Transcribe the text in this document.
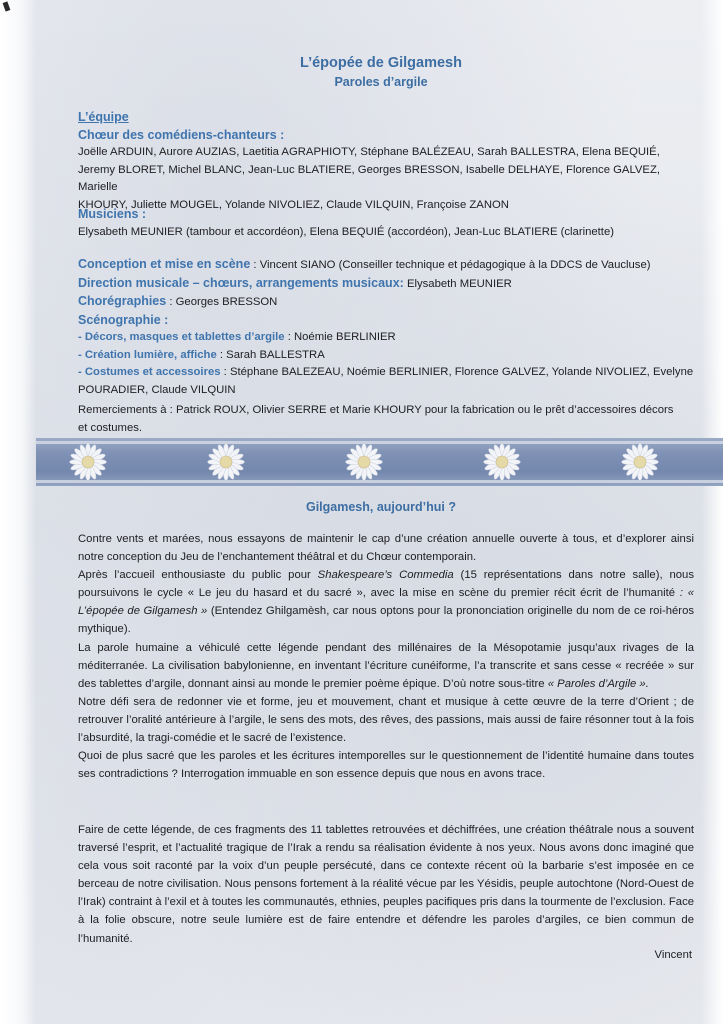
L’épopée de Gilgamesh
Paroles d’argile
L’équipe
Chœur des comédiens-chanteurs :
Joëlle ARDUIN, Aurore AUZIAS, Laetitia AGRAPHIOTY, Stéphane BALÉZEAU, Sarah BALLESTRA, Elena BEQUIÉ,
Jeremy BLORET, Michel BLANC, Jean-Luc BLATIERE, Georges BRESSON, Isabelle DELHAYE, Florence GALVEZ, Marielle
KHOURY, Juliette MOUGEL, Yolande NIVOLIEZ, Claude VILQUIN, Françoise ZANON
Musiciens :
Elysabeth MEUNIER (tambour et accordéon), Elena BEQUIÉ (accordéon), Jean-Luc BLATIERE (clarinette)
Conception et mise en scène : Vincent SIANO (Conseiller technique et pédagogique à la DDCS de Vaucluse)
Direction musicale – chœurs, arrangements musicaux: Elysabeth MEUNIER
Chorégraphies : Georges BRESSON
Scénographie :
- Décors, masques et tablettes d’argile : Noémie BERLINIER
- Création lumière, affiche : Sarah BALLESTRA
- Costumes et accessoires : Stéphane BALEZEAU, Noémie BERLINIER, Florence GALVEZ, Yolande NIVOLIEZ, Evelyne
POURADIER, Claude VILQUIN
Remerciements à : Patrick ROUX, Olivier SERRE et Marie KHOURY pour la fabrication ou le prêt d’accessoires décors
et costumes.
Gilgamesh, aujourd’hui ?

Contre vents et marées, nous essayons de maintenir le cap d’une création annuelle ouverte à tous, et d’explorer ainsi notre conception du Jeu de l’enchantement théâtral et du Chœur contemporain.

Après l’accueil enthousiaste du public pour Shakespeare’s Commedia (15 représentations dans notre salle), nous poursuivons le cycle « Le jeu du hasard et du sacré », avec la mise en scène du premier récit écrit de l’humanité : « L’épopée de Gilgamesh » (Entendez Ghilgamèsh, car nous optons pour la prononciation originelle du nom de ce roi-héros mythique).

La parole humaine a véhiculé cette légende pendant des millénaires de la Mésopotamie jusqu’aux rivages de la méditerranée. La civilisation babylonienne, en inventant l’écriture cunéiforme, l’a transcrite et sans cesse « recréée » sur des tablettes d’argile, donnant ainsi au monde le premier poème épique. D’où notre sous-titre « Paroles d’Argile ».

Notre défi sera de redonner vie et forme, jeu et mouvement, chant et musique à cette œuvre de la terre d’Orient ; de retrouver l’oralité antérieure à l’argile, le sens des mots, des rêves, des passions, mais aussi de faire résonner tout à la fois l’absurdité, la tragi-comédie et le sacré de l’existence.

Quoi de plus sacré que les paroles et les écritures intemporelles sur le questionnement de l’identité humaine dans toutes ses contradictions ? Interrogation immuable en son essence depuis que nous en avons trace.

Faire de cette légende, de ces fragments des 11 tablettes retrouvées et déchiffrées, une création théâtrale nous a souvent traversé l’esprit, et l’actualité tragique de l’Irak a rendu sa réalisation évidente à nos yeux. Nous avons donc imaginé que cela vous soit raconté par la voix d’un peuple persécuté, dans ce contexte récent où la barbarie s’est imposée en ce berceau de notre civilisation. Nous pensons fortement à la réalité vécue par les Yésidis, peuple autochtone (Nord-Ouest de l’Irak) contraint à l’exil et à toutes les communautés, ethnies, peuples pacifiques pris dans la tourmente de l’exclusion. Face à la folie obscure, notre seule lumière est de faire entendre et défendre les paroles d’argiles, ce bien commun de l’humanité.

Vincent
